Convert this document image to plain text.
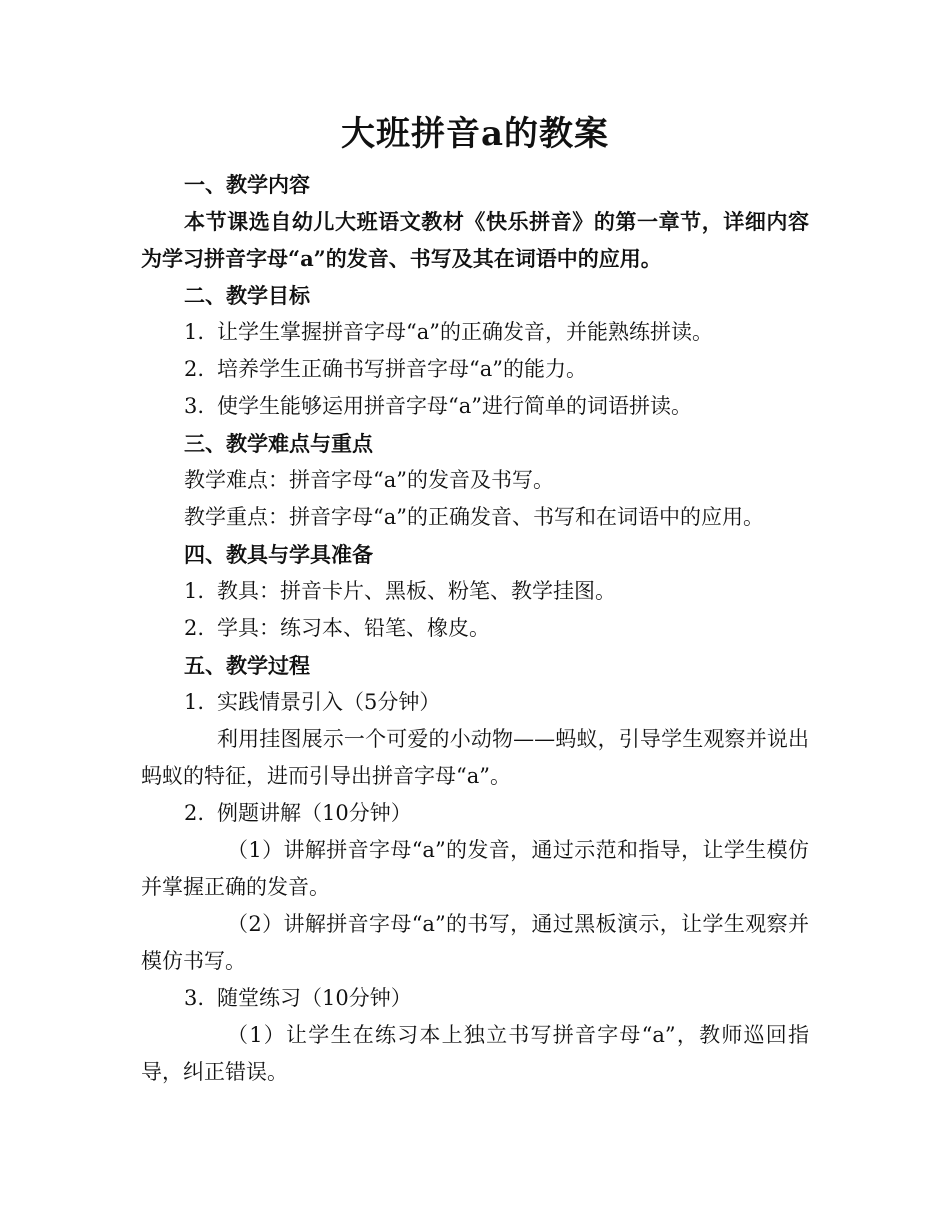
大班拼音a的教案

一、教学内容

本节课选自幼儿大班语文教材《快乐拼音》的第一章节，详细内容为学习拼音字母“a”的发音、书写及其在词语中的应用。

二、教学目标

1. 让学生掌握拼音字母“a”的正确发音，并能熟练拼读。

2. 培养学生正确书写拼音字母“a”的能力。

3. 使学生能够运用拼音字母“a”进行简单的词语拼读。

三、教学难点与重点

教学难点：拼音字母“a”的发音及书写。

教学重点：拼音字母“a”的正确发音、书写和在词语中的应用。

四、教具与学具准备

1. 教具：拼音卡片、黑板、粉笔、教学挂图。

2. 学具：练习本、铅笔、橡皮。

五、教学过程

1. 实践情景引入（5分钟）

利用挂图展示一个可爱的小动物——蚂蚁，引导学生观察并说出蚂蚁的特征，进而引导出拼音字母“a”。

2. 例题讲解（10分钟）

（1）讲解拼音字母“a”的发音，通过示范和指导，让学生模仿并掌握正确的发音。

（2）讲解拼音字母“a”的书写，通过黑板演示，让学生观察并模仿书写。

3. 随堂练习（10分钟）

（1）让学生在练习本上独立书写拼音字母“a”，教师巡回指导，纠正错误。
